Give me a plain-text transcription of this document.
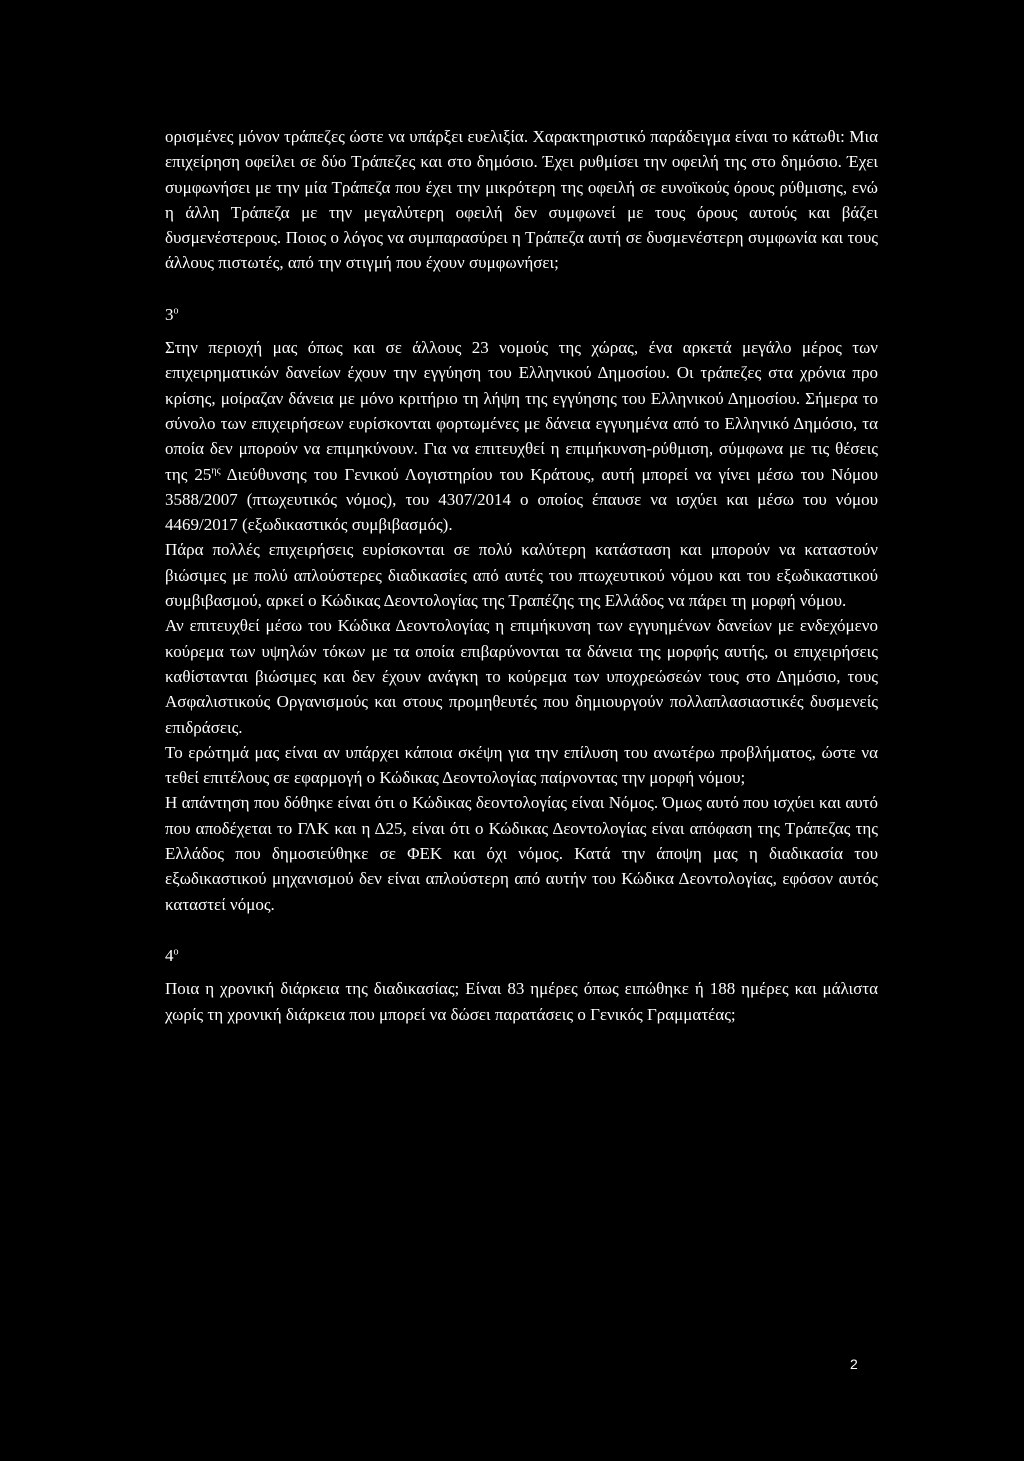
ορισμένες μόνον τράπεζες ώστε να υπάρξει ευελιξία. Χαρακτηριστικό παράδειγμα είναι το κάτωθι: Μια επιχείρηση οφείλει σε δύο Τράπεζες και στο δημόσιο. Έχει ρυθμίσει την οφειλή της στο δημόσιο. Έχει συμφωνήσει με την μία Τράπεζα που έχει την μικρότερη της οφειλή σε ευνοϊκούς όρους ρύθμισης, ενώ η άλλη Τράπεζα με την μεγαλύτερη οφειλή δεν συμφωνεί με τους όρους αυτούς και βάζει δυσμενέστερους. Ποιος ο λόγος να συμπαρασύρει η Τράπεζα αυτή σε δυσμενέστερη συμφωνία και τους άλλους πιστωτές, από την στιγμή που έχουν συμφωνήσει;

$3^o$

Στην περιοχή μας όπως και σε άλλους 23 νομούς της χώρας, ένα αρκετά μεγάλο μέρος των επιχειρηματικών δανείων έχουν την εγγύηση του Ελληνικού Δημοσίου. Οι τράπεζες στα χρόνια προ κρίσης, μοίραζαν δάνεια με μόνο κριτήριο τη λήψη της εγγύησης του Ελληνικού Δημοσίου. Σήμερα το σύνολο των επιχειρήσεων ευρίσκονται φορτωμένες με δάνεια εγγυημένα από το Ελληνικό Δημόσιο, τα οποία δεν μπορούν να επιμηκύνουν. Για να επιτευχθεί η επιμήκυνση-ρύθμιση, σύμφωνα με τις θέσεις της $25^{\eta\varsigma}$ Διεύθυνσης του Γενικού Λογιστηρίου του Κράτους, αυτή μπορεί να γίνει μέσω του Νόμου 3588/2007 (πτωχευτικός νόμος), του 4307/2014 ο οποίος έπαυσε να ισχύει και μέσω του νόμου 4469/2017 (εξωδικαστικός συμβιβασμός).

Πάρα πολλές επιχειρήσεις ευρίσκονται σε πολύ καλύτερη κατάσταση και μπορούν να καταστούν βιώσιμες με πολύ απλούστερες διαδικασίες από αυτές του πτωχευτικού νόμου και του εξωδικαστικού συμβιβασμού, αρκεί ο Κώδικας Δεοντολογίας της Τραπέζης της Ελλάδος να πάρει τη μορφή νόμου.

Αν επιτευχθεί μέσω του Κώδικα Δεοντολογίας η επιμήκυνση των εγγυημένων δανείων με ενδεχόμενο κούρεμα των υψηλών τόκων με τα οποία επιβαρύνονται τα δάνεια της μορφής αυτής, οι επιχειρήσεις καθίστανται βιώσιμες και δεν έχουν ανάγκη το κούρεμα των υποχρεώσεών τους στο Δημόσιο, τους Ασφαλιστικούς Οργανισμούς και στους προμηθευτές που δημιουργούν πολλαπλασιαστικές δυσμενείς επιδράσεις.

Το ερώτημά μας είναι αν υπάρχει κάποια σκέψη για την επίλυση του ανωτέρω προβλήματος, ώστε να τεθεί επιτέλους σε εφαρμογή ο Κώδικας Δεοντολογίας παίρνοντας την μορφή νόμου;

Η απάντηση που δόθηκε είναι ότι ο Κώδικας δεοντολογίας είναι Νόμος. Όμως αυτό που ισχύει και αυτό που αποδέχεται το ΓΛΚ και η Δ25, είναι ότι ο Κώδικας Δεοντολογίας είναι απόφαση της Τράπεζας της Ελλάδος που δημοσιεύθηκε σε ΦΕΚ και όχι νόμος. Κατά την άποψη μας η διαδικασία του εξωδικαστικού μηχανισμού δεν είναι απλούστερη από αυτήν του Κώδικα Δεοντολογίας, εφόσον αυτός καταστεί νόμος.

$4^o$

Ποια η χρονική διάρκεια της διαδικασίας; Είναι 83 ημέρες όπως ειπώθηκε ή 188 ημέρες και μάλιστα χωρίς τη χρονική διάρκεια που μπορεί να δώσει παρατάσεις ο Γενικός Γραμματέας;

2
